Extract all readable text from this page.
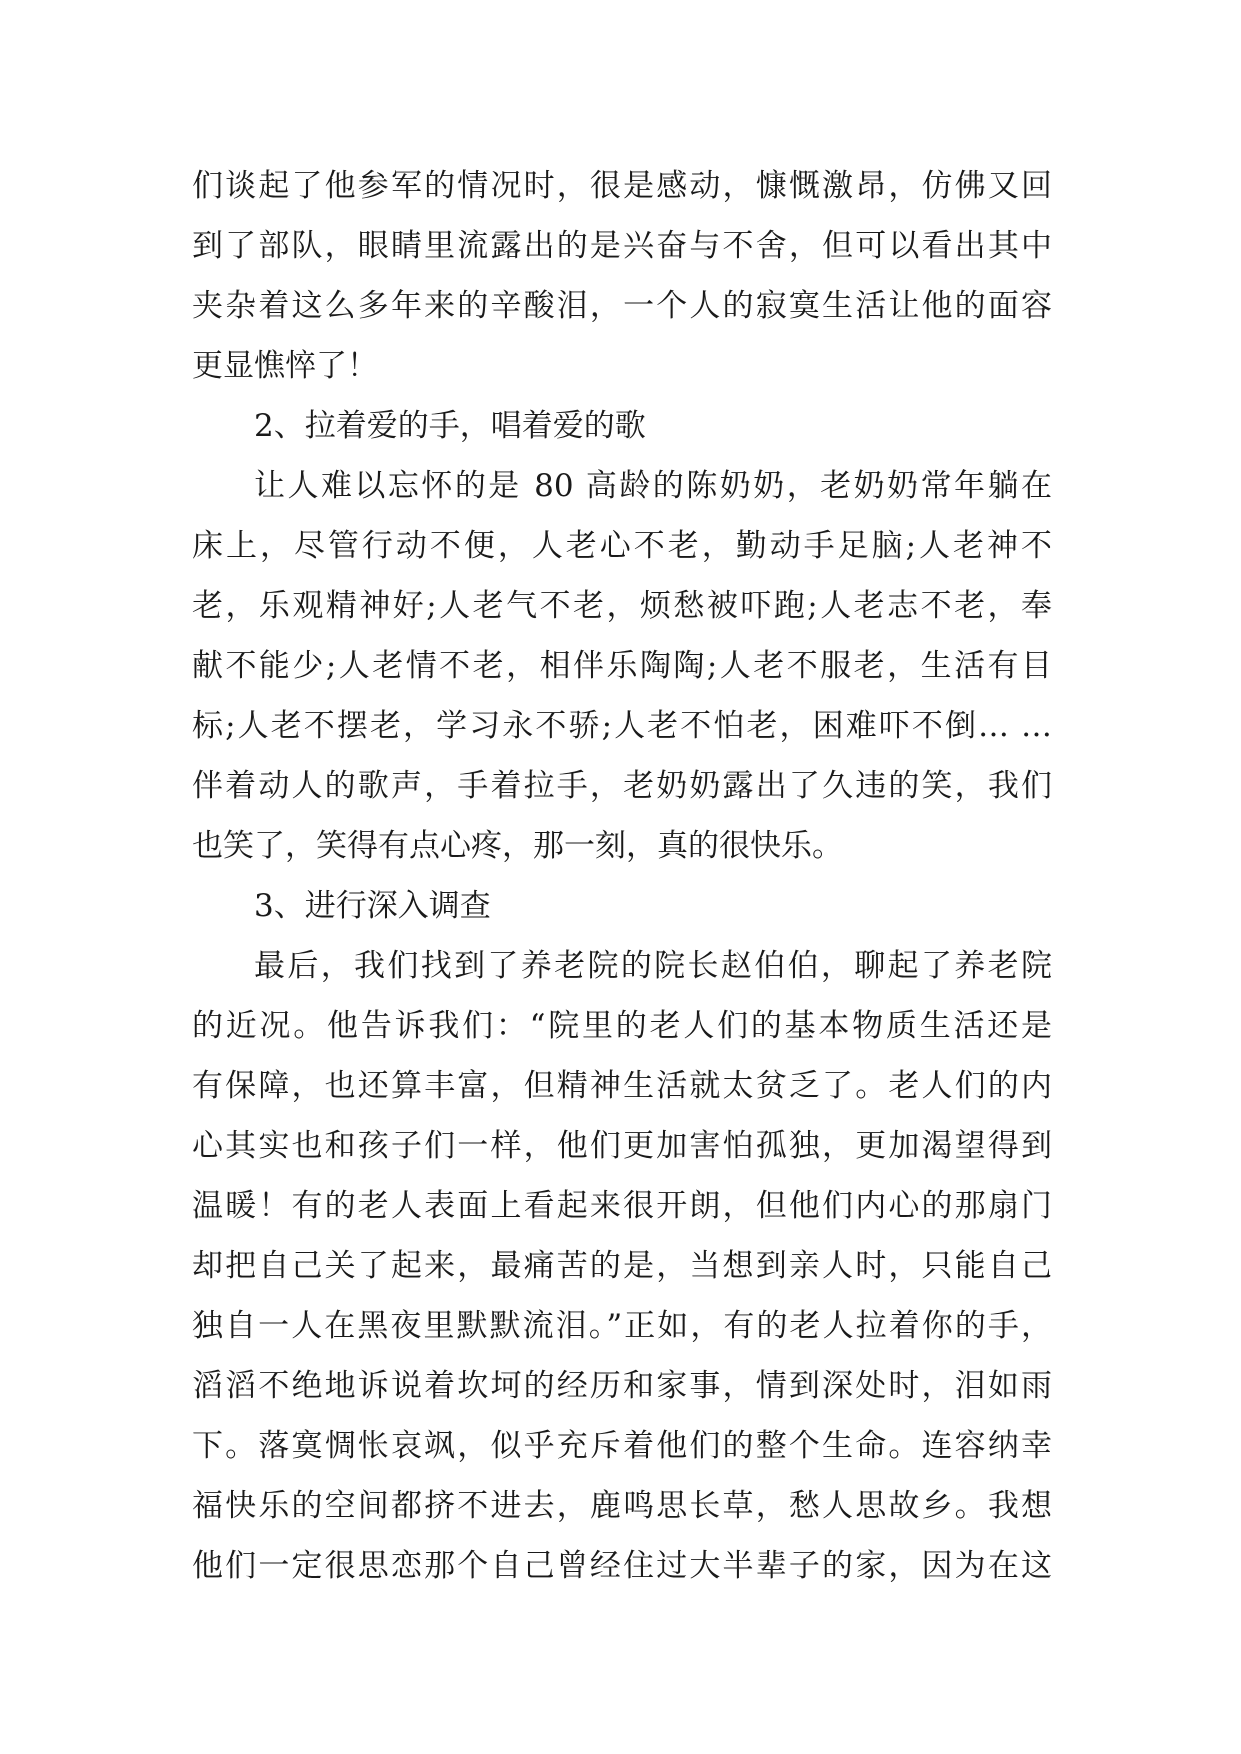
们谈起了他参军的情况时，很是感动，慷慨激昂，仿佛又回
到了部队，眼睛里流露出的是兴奋与不舍，但可以看出其中
夹杂着这么多年来的辛酸泪，一个人的寂寞生活让他的面容
更显憔悴了！
2、拉着爱的手，唱着爱的歌
让人难以忘怀的是 80 高龄的陈奶奶，老奶奶常年躺在
床上，尽管行动不便，人老心不老，勤动手足脑;人老神不
老，乐观精神好;人老气不老，烦愁被吓跑;人老志不老，奉
献不能少;人老情不老，相伴乐陶陶;人老不服老，生活有目
标;人老不摆老，学习永不骄;人老不怕老，困难吓不倒… …
伴着动人的歌声，手着拉手，老奶奶露出了久违的笑，我们
也笑了，笑得有点心疼，那一刻，真的很快乐。
3、进行深入调查
最后，我们找到了养老院的院长赵伯伯，聊起了养老院
的近况。他告诉我们：“院里的老人们的基本物质生活还是
有保障，也还算丰富，但精神生活就太贫乏了。老人们的内
心其实也和孩子们一样，他们更加害怕孤独，更加渴望得到
温暖！有的老人表面上看起来很开朗，但他们内心的那扇门
却把自己关了起来，最痛苦的是，当想到亲人时，只能自己
独自一人在黑夜里默默流泪。”正如，有的老人拉着你的手，
滔滔不绝地诉说着坎坷的经历和家事，情到深处时，泪如雨
下。落寞惆怅哀飒，似乎充斥着他们的整个生命。连容纳幸
福快乐的空间都挤不进去，鹿鸣思长草，愁人思故乡。我想
他们一定很思恋那个自己曾经住过大半辈子的家，因为在这
